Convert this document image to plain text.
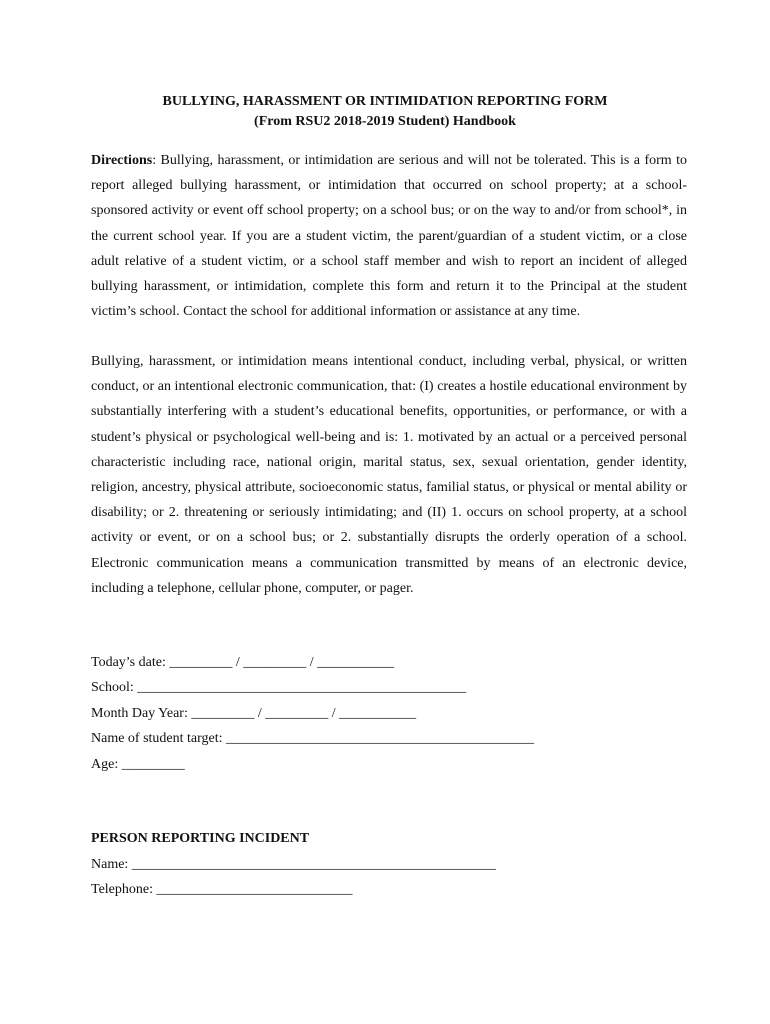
BULLYING, HARASSMENT OR INTIMIDATION REPORTING FORM

(From RSU2 2018-2019 Student) Handbook

Directions: Bullying, harassment, or intimidation are serious and will not be tolerated. This is a form to report alleged bullying harassment, or intimidation that occurred on school property; at a school-sponsored activity or event off school property; on a school bus; or on the way to and/or from school*, in the current school year. If you are a student victim, the parent/guardian of a student victim, or a close adult relative of a student victim, or a school staff member and wish to report an incident of alleged bullying harassment, or intimidation, complete this form and return it to the Principal at the student victim’s school. Contact the school for additional information or assistance at any time.

Bullying, harassment, or intimidation means intentional conduct, including verbal, physical, or written conduct, or an intentional electronic communication, that: (I) creates a hostile educational environment by substantially interfering with a student’s educational benefits, opportunities, or performance, or with a student’s physical or psychological well-being and is: 1. motivated by an actual or a perceived personal characteristic including race, national origin, marital status, sex, sexual orientation, gender identity, religion, ancestry, physical attribute, socioeconomic status, familial status, or physical or mental ability or disability; or 2. threatening or seriously intimidating; and (II) 1. occurs on school property, at a school activity or event, or on a school bus; or 2. substantially disrupts the orderly operation of a school. Electronic communication means a communication transmitted by means of an electronic device, including a telephone, cellular phone, computer, or pager.

Today’s date: _________ / _________ / ___________

School: _______________________________________________

Month Day Year: _________ / _________ / ___________

Name of student target: ____________________________________________

Age: _________

PERSON REPORTING INCIDENT

Name: ____________________________________________________

Telephone: ____________________________
